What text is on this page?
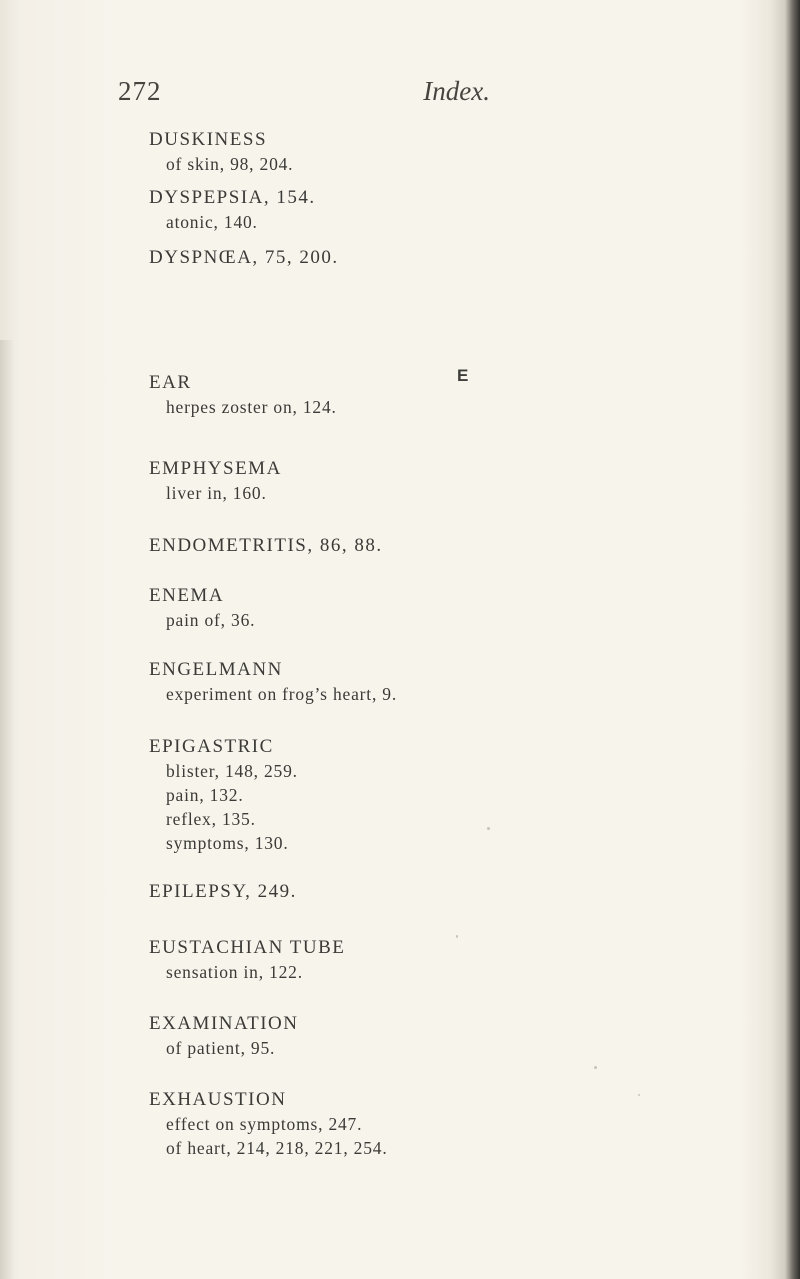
272	Index.
E
DUSKINESS
of skin, 98, 204.
DYSPEPSIA, 154.
atonic, 140.
DYSPNŒA, 75, 200.
EAR
herpes zoster on, 124.
EMPHYSEMA
liver in, 160.
ENDOMETRITIS, 86, 88.
ENEMA
pain of, 36.
ENGELMANN
experiment on frog’s heart, 9.
EPIGASTRIC
blister, 148, 259.
pain, 132.
reflex, 135.
symptoms, 130.
EPILEPSY, 249.
EUSTACHIAN TUBE
sensation in, 122.
EXAMINATION
of patient, 95.
EXHAUSTION
effect on symptoms, 247.
of heart, 214, 218, 221, 254.
